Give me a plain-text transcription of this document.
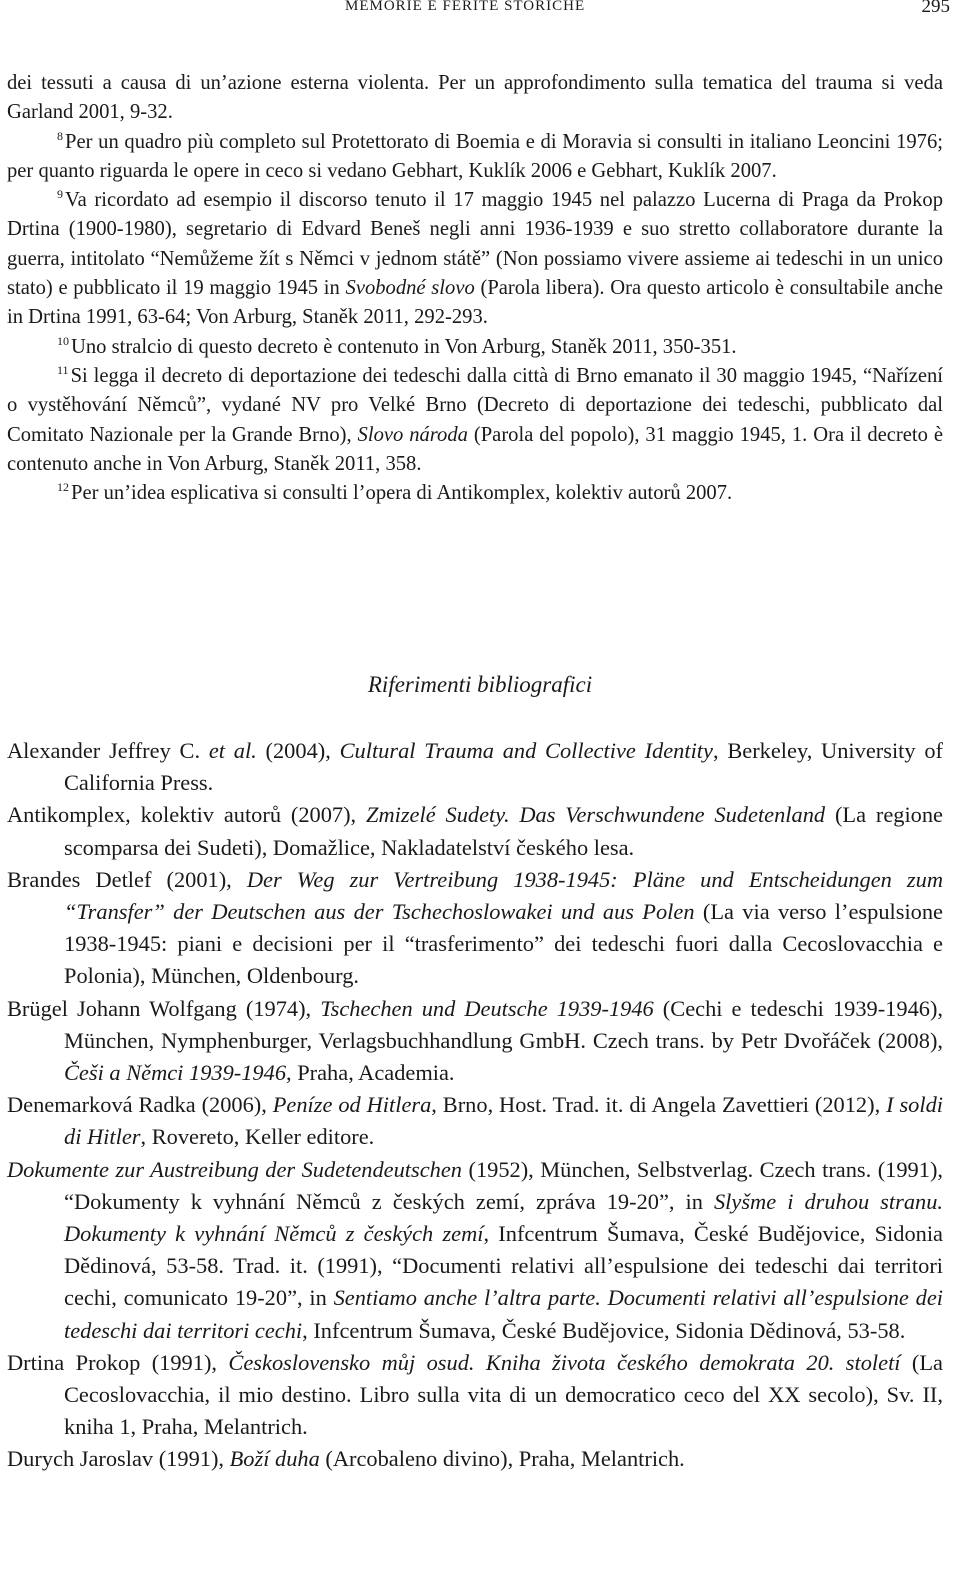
MEMORIE E FERITE STORICHE	295

dei tessuti a causa di un’azione esterna violenta. Per un approfondimento sulla tematica del trauma si veda Garland 2001, 9-32.

$^8$Per un quadro più completo sul Protettorato di Boemia e di Moravia si consulti in italiano Leoncini 1976; per quanto riguarda le opere in ceco si vedano Gebhart, Kuklík 2006 e Gebhart, Kuklík 2007.

$^9$Va ricordato ad esempio il discorso tenuto il 17 maggio 1945 nel palazzo Lucerna di Praga da Prokop Drtina (1900-1980), segretario di Edvard Beneš negli anni 1936-1939 e suo stretto collaboratore durante la guerra, intitolato “Nemůžeme žít s Němci v jednom státě” (Non possiamo vivere assieme ai tedeschi in un unico stato) e pubblicato il 19 maggio 1945 in Svobodné slovo (Parola libera). Ora questo articolo è consultabile anche in Drtina 1991, 63-64; Von Arburg, Staněk 2011, 292-293.

$^{10}$Uno stralcio di questo decreto è contenuto in Von Arburg, Staněk 2011, 350-351.

$^{11}$Si legga il decreto di deportazione dei tedeschi dalla città di Brno emanato il 30 maggio 1945, “Nařízení o vystěhování Němců”, vydané NV pro Velké Brno (Decreto di deportazione dei tedeschi, pubblicato dal Comitato Nazionale per la Grande Brno), Slovo národa (Parola del popolo), 31 maggio 1945, 1. Ora il decreto è contenuto anche in Von Arburg, Staněk 2011, 358.

$^{12}$Per un’idea esplicativa si consulti l’opera di Antikomplex, kolektiv autorů 2007.

Riferimenti bibliografici

Alexander Jeffrey C. et al. (2004), Cultural Trauma and Collective Identity, Berkeley, University of California Press.

Antikomplex, kolektiv autorů (2007), Zmizelé Sudety. Das Verschwundene Sudetenland (La regione scomparsa dei Sudeti), Domažlice, Nakladatelství českého lesa.

Brandes Detlef (2001), Der Weg zur Vertreibung 1938-1945: Pläne und Entscheidungen zum “Transfer” der Deutschen aus der Tschechoslowakei und aus Polen (La via verso l’espulsione 1938-1945: piani e decisioni per il “trasferimento” dei tedeschi fuori dalla Cecoslovacchia e Polonia), München, Oldenbourg.

Brügel Johann Wolfgang (1974), Tschechen und Deutsche 1939-1946 (Cechi e tedeschi 1939-1946), München, Nymphenburger, Verlagsbuchhandlung GmbH. Czech trans. by Petr Dvořáček (2008), Češi a Němci 1939-1946, Praha, Academia.

Denemarková Radka (2006), Peníze od Hitlera, Brno, Host. Trad. it. di Angela Zavettieri (2012), I soldi di Hitler, Rovereto, Keller editore.

Dokumente zur Austreibung der Sudetendeutschen (1952), München, Selbstverlag. Czech trans. (1991), “Dokumenty k vyhnání Němců z českých zemí, zpráva 19-20”, in Slyšme i druhou stranu. Dokumenty k vyhnání Němců z českých zemí, Infcentrum Šumava, České Budějovice, Sidonia Dědinová, 53-58. Trad. it. (1991), “Documenti relativi all’espulsione dei tedeschi dai territori cechi, comunicato 19-20”, in Sentiamo anche l’altra parte. Documenti relativi all’espulsione dei tedeschi dai territori cechi, Infcentrum Šumava, České Budějovice, Sidonia Dědinová, 53-58.

Drtina Prokop (1991), Československo můj osud. Kniha života českého demokrata 20. století (La Cecoslovacchia, il mio destino. Libro sulla vita di un democratico ceco del XX secolo), Sv. II, kniha 1, Praha, Melantrich.

Durych Jaroslav (1991), Boží duha (Arcobaleno divino), Praha, Melantrich.
